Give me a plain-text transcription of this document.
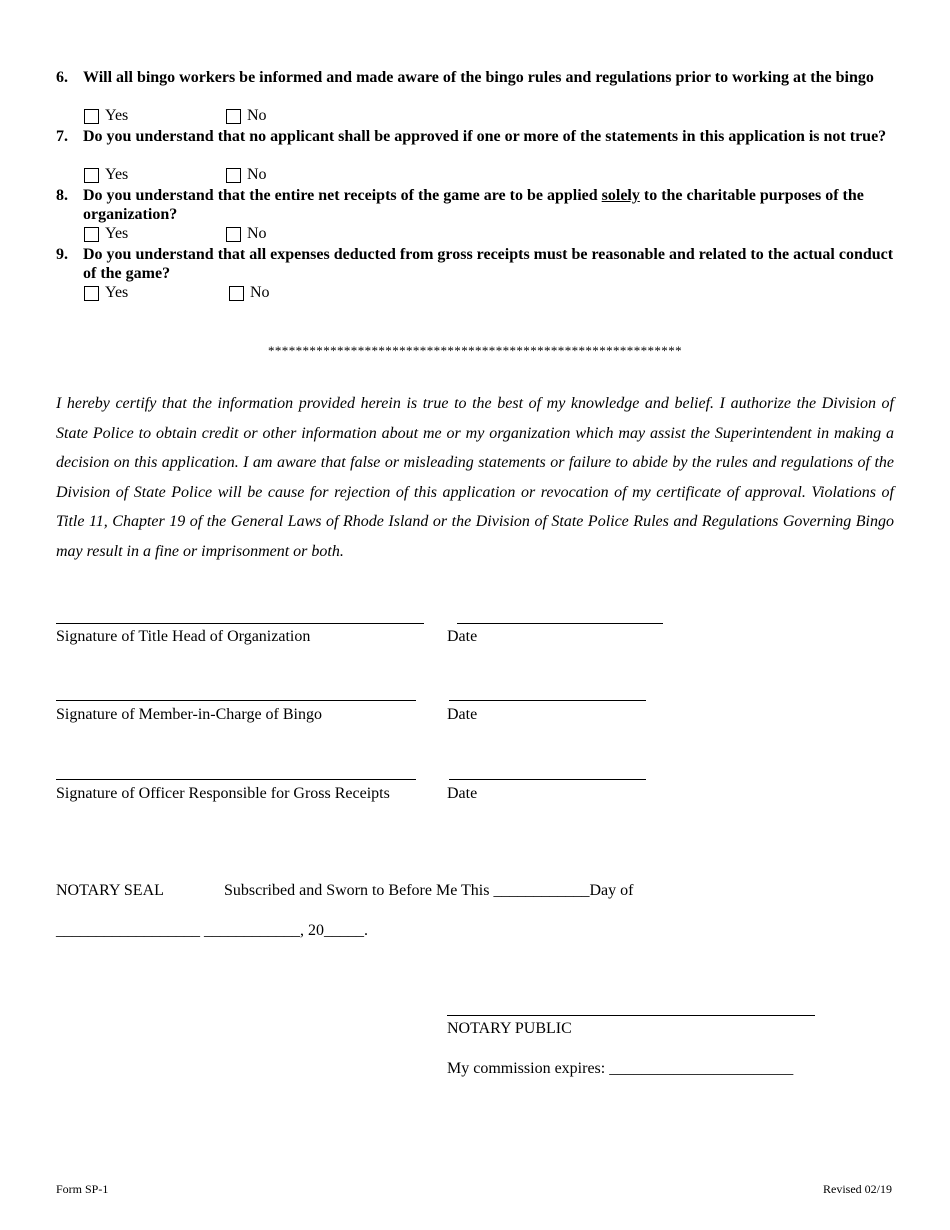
6. Will all bingo workers be informed and made aware of the bingo rules and regulations prior to working at the bingo
Yes	No
7. Do you understand that no applicant shall be approved if one or more of the statements in this application is not true?
Yes	No
8. Do you understand that the entire net receipts of the game are to be applied solely to the charitable purposes of the organization?
Yes	No
9. Do you understand that all expenses deducted from gross receipts must be reasonable and related to the actual conduct of the game?
Yes	No
************************************************************
I hereby certify that the information provided herein is true to the best of my knowledge and belief. I authorize the Division of State Police to obtain credit or other information about me or my organization which may assist the Superintendent in making a decision on this application. I am aware that false or misleading statements or failure to abide by the rules and regulations of the Division of State Police will be cause for rejection of this application or revocation of my certificate of approval. Violations of Title 11, Chapter 19 of the General Laws of Rhode Island or the Division of State Police Rules and Regulations Governing Bingo may result in a fine or imprisonment or both.
Signature of Title Head of Organization	Date
Signature of Member-in-Charge of Bingo	Date
Signature of Officer Responsible for Gross Receipts	Date
NOTARY SEAL	Subscribed and Sworn to Before Me This ____________Day of
__________________ ____________, 20_____.
NOTARY PUBLIC
My commission expires: _______________________
Form SP-1	Revised 02/19
